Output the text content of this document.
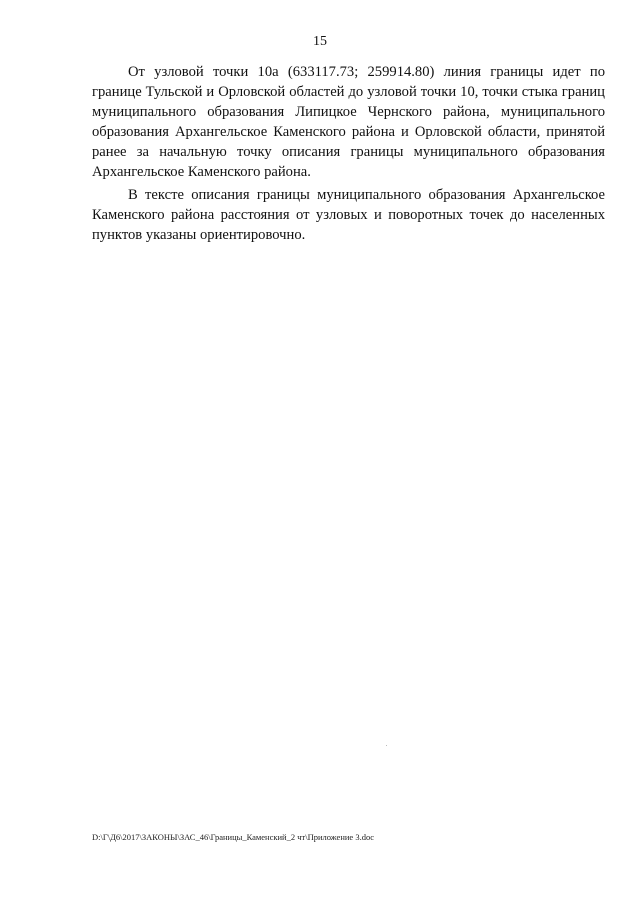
15

От узловой точки 10а (633117.73; 259914.80) линия границы идет по границе Тульской и Орловской областей до узловой точки 10, точки стыка границ муниципального образования Липицкое Чернского района, муниципального образования Архангельское Каменского района и Орловской области, принятой ранее за начальную точку описания границы муниципального образования Архангельское Каменского района.

В тексте описания границы муниципального образования Архангельское Каменского района расстояния от узловых и поворотных точек до населенных пунктов указаны ориентировочно.

D:\Г\Д6\2017\ЗАКОНЫ\ЗАС_46\Границы_Каменский_2 чт\Приложение 3.doc
